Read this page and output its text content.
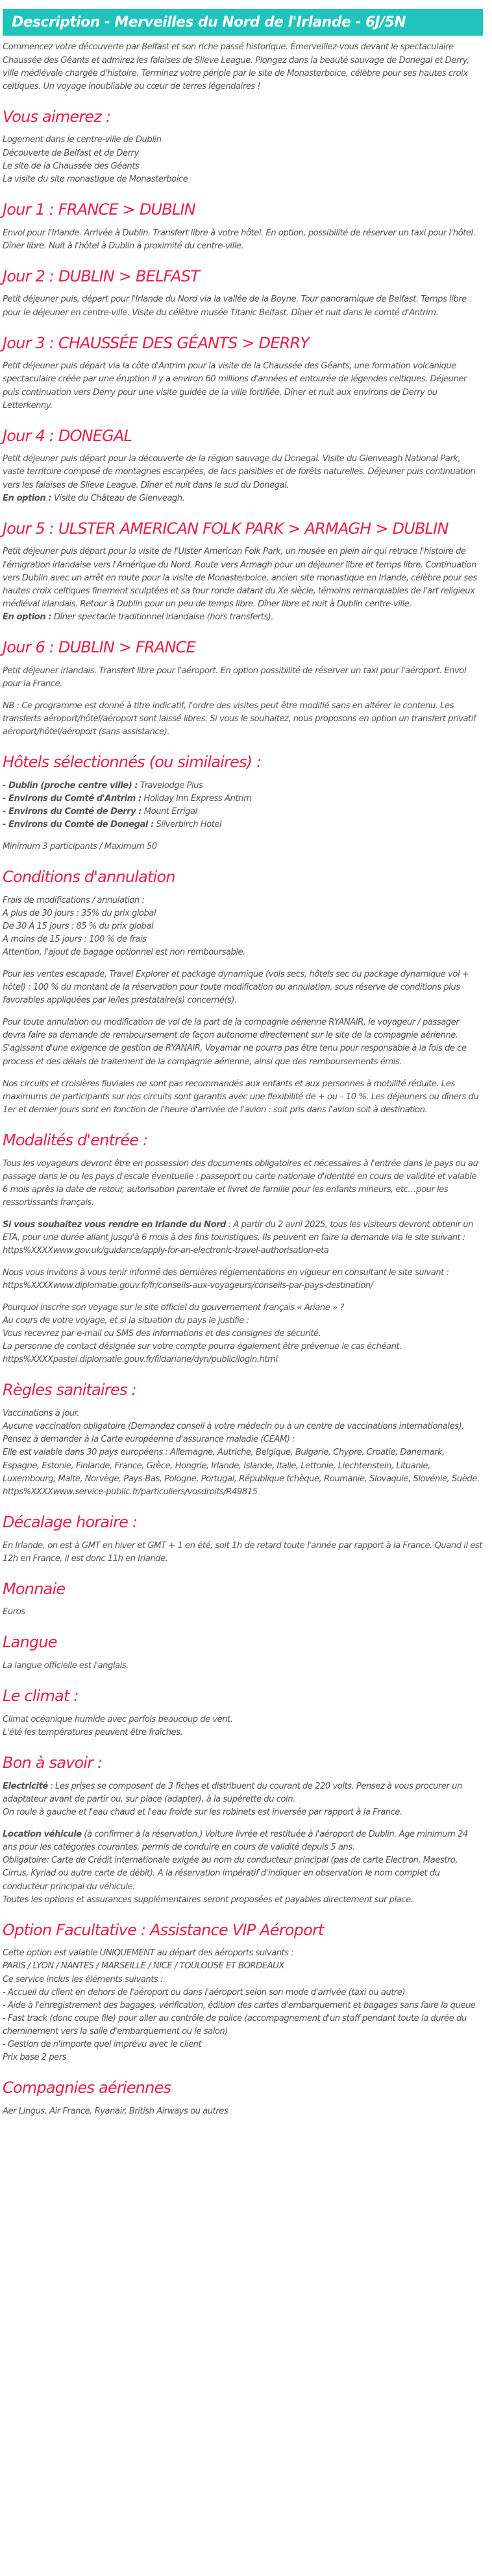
Description - Merveilles du Nord de l'Irlande - 6J/5N

Commencez votre découverte par Belfast et son riche passé historique. Émerveillez-vous devant le spectaculaire Chaussée des Géants et admirez les falaises de Slieve League. Plongez dans la beauté sauvage de Donegal et Derry, ville médiévale chargée d'histoire. Terminez votre périple par le site de Monasterboice, célèbre pour ses hautes croix celtiques. Un voyage inoubliable au cœur de terres légendaires !

Vous aimerez :

Logement dans le centre-ville de Dublin

Découverte de Belfast et de Derry

Le site de la Chaussée des Géants

La visite du site monastique de Monasterboice

Jour 1 : FRANCE > DUBLIN

Envol pour l'Irlande. Arrivée à Dublin. Transfert libre à votre hôtel. En option, possibilité de réserver un taxi pour l'hôtel. Dîner libre. Nuit à l'hôtel à Dublin à proximité du centre-ville.

Jour 2 : DUBLIN > BELFAST

Petit déjeuner puis, départ pour l'Irlande du Nord via la vallée de la Boyne. Tour panoramique de Belfast. Temps libre pour le déjeuner en centre-ville. Visite du célèbre musée Titanic Belfast. Dîner et nuit dans le comté d'Antrim.

Jour 3 : CHAUSSÉE DES GÉANTS > DERRY

Petit déjeuner puis départ via la côte d'Antrim pour la visite de la Chaussée des Géants, une formation volcanique spectaculaire créée par une éruption il y a environ 60 millions d'années et entourée de légendes celtiques. Déjeuner puis continuation vers Derry pour une visite guidée de la ville fortifiée. Dîner et nuit aux environs de Derry ou Letterkenny.

Jour 4 : DONEGAL

Petit déjeuner puis départ pour la découverte de la région sauvage du Donegal. Visite du Glenveagh National Park, vaste territoire composé de montagnes escarpées, de lacs paisibles et de forêts naturelles. Déjeuner puis continuation vers les falaises de Slieve League. Dîner et nuit dans le sud du Donegal.

En option : Visite du Château de Glenveagh.

Jour 5 : ULSTER AMERICAN FOLK PARK > ARMAGH > DUBLIN

Petit déjeuner puis départ pour la visite de l'Ulster American Folk Park, un musée en plein air qui retrace l'histoire de l'émigration irlandaise vers l'Amérique du Nord. Route vers Armagh pour un déjeuner libre et temps libre. Continuation vers Dublin avec un arrêt en route pour la visite de Monasterboice, ancien site monastique en Irlande, célèbre pour ses hautes croix celtiques finement sculptées et sa tour ronde datant du Xe siècle, témoins remarquables de l'art religieux médiéval irlandais. Retour à Dublin pour un peu de temps libre. Dîner libre et nuit à Dublin centre-ville.

En option : Dîner spectacle traditionnel irlandaise (hors transferts).

Jour 6 : DUBLIN > FRANCE

Petit déjeuner irlandais. Transfert libre pour l'aéroport. En option possibilité de réserver un taxi pour l'aéroport. Envol pour la France.

NB : Ce programme est donné à titre indicatif, l'ordre des visites peut être modifié sans en altérer le contenu. Les transferts aéroport/hôtel/aéroport sont laissé libres. Si vous le souhaitez, nous proposons en option un transfert privatif aéroport/hôtel/aéroport (sans assistance).

Hôtels sélectionnés (ou similaires) :

- Dublin (proche centre ville) : Travelodge Plus

- Environs du Comté d'Antrim : Holiday Inn Express Antrim

- Environs du Comté de Derry : Mount Errigal

- Environs du Comté de Donegal : Silverbirch Hotel

Minimum 3 participants / Maximum 50

Conditions d'annulation

Frais de modifications / annulation :

A plus de 30 jours : 35% du prix global

De 30 À 15 jours : 85 % du prix global

A moins de 15 jours : 100 % de frais

Attention, l'ajout de bagage optionnel est non remboursable.

Pour les ventes escapade, Travel Explorer et package dynamique (vols secs, hôtels sec ou package dynamique vol + hôtel) : 100 % du montant de la réservation pour toute modification ou annulation, sous réserve de conditions plus favorables appliquées par le/les prestataire(s) concerné(s).

Pour toute annulation ou modification de vol de la part de la compagnie aérienne RYANAIR, le voyageur / passager devra faire sa demande de remboursement de façon autonome directement sur le site de la compagnie aérienne. S'agissant d'une exigence de gestion de RYANAIR, Voyamar ne pourra pas être tenu pour responsable à la fois de ce process et des délais de traitement de la compagnie aérienne, ainsi que des remboursements émis.

Nos circuits et croisières fluviales ne sont pas recommandés aux enfants et aux personnes à mobilité réduite. Les maximums de participants sur nos circuits sont garantis avec une flexibilité de + ou – 10 %. Les déjeuners ou dîners du 1er et dernier jours sont en fonction de l'heure d'arrivée de l'avion : soit pris dans l'avion soit à destination.

Modalités d'entrée :

Tous les voyageurs devront être en possession des documents obligatoires et nécessaires à l'entrée dans le pays ou au passage dans le ou les pays d'escale éventuelle : passeport ou carte nationale d'identité en cours de validité et valable 6 mois après la date de retour, autorisation parentale et livret de famille pour les enfants mineurs, etc…pour les ressortissants français.

Si vous souhaitez vous rendre en Irlande du Nord : A partir du 2 avril 2025, tous les visiteurs devront obtenir un ETA, pour une durée allant jusqu'à 6 mois à des fins touristiques. Ils peuvent en faire la demande via le site suivant : https%XXXXwww.gov.uk/guidance/apply-for-an-electronic-travel-authorisation-eta

Nous vous invitons à vous tenir informé des dernières réglementations en vigueur en consultant le site suivant : https%XXXXwww.diplomatie.gouv.fr/fr/conseils-aux-voyageurs/conseils-par-pays-destination/

Pourquoi inscrire son voyage sur le site officiel du gouvernement français « Ariane » ?

Au cours de votre voyage, et si la situation du pays le justifie :

Vous recevrez par e-mail ou SMS des informations et des consignes de sécurité.

La personne de contact désignée sur votre compte pourra également être prévenue le cas échéant.

https%XXXXpastel.diplomatie.gouv.fr/fildariane/dyn/public/login.html

Règles sanitaires :

Vaccinations à jour.

Aucune vaccination obligatoire (Demandez conseil à votre médecin ou à un centre de vaccinations internationales).

Pensez à demander à la Carte européenne d'assurance maladie (CEAM) :

Elle est valable dans 30 pays européens : Allemagne, Autriche, Belgique, Bulgarie, Chypre, Croatie, Danemark, Espagne, Estonie, Finlande, France, Grèce, Hongrie, Irlande, Islande, Italie, Lettonie, Liechtenstein, Lituanie, Luxembourg, Malte, Norvège, Pays-Bas, Pologne, Portugal, République tchèque, Roumanie, Slovaquie, Slovénie, Suède.

https%XXXXwww.service-public.fr/particuliers/vosdroits/R49815

Décalage horaire :

En Irlande, on est à GMT en hiver et GMT + 1 en été, soit 1h de retard toute l'année par rapport à la France. Quand il est 12h en France, il est donc 11h en Irlande.

Monnaie

Euros

Langue

La langue officielle est l'anglais.

Le climat :

Climat océanique humide avec parfois beaucoup de vent.

L'été les températures peuvent être fraîches.

Bon à savoir :

Electricité : Les prises se composent de 3 fiches et distribuent du courant de 220 volts. Pensez à vous procurer un adaptateur avant de partir ou, sur place (adapter), à la supérette du coin.

On roule à gauche et l'eau chaud et l'eau froide sur les robinets est inversée par rapport à la France.

Location véhicule (à confirmer à la réservation.) Voiture livrée et restituée à l'aéroport de Dublin. Age minimum 24 ans pour les catégories courantes, permis de conduire en cours de validité depuis 5 ans.

Obligatoire: Carte de Crédit internationale exigée au nom du conducteur principal (pas de carte Electron, Maestro, Cirrus, Kyriad ou autre carte de débit). A la réservation impératif d'indiquer en observation le nom complet du conducteur principal du véhicule.

Toutes les options et assurances supplémentaires seront proposées et payables directement sur place.

Option Facultative : Assistance VIP Aéroport

Cette option est valable UNIQUEMENT au départ des aéroports suivants :

PARIS / LYON / NANTES / MARSEILLE / NICE / TOULOUSE ET BORDEAUX

Ce service inclus les éléments suivants :

- Accueil du client en dehors de l'aéroport ou dans l'aéroport selon son mode d'arrivée (taxi ou autre)

- Aide à l'enregistrement des bagages, vérification, édition des cartes d'embarquement et bagages sans faire la queue

- Fast track (donc coupe file) pour aller au contrôle de police (accompagnement d'un staff pendant toute la durée du cheminement vers la salle d'embarquement ou le salon)

- Gestion de n'importe quel imprévu avec le client

Prix base 2 pers

Compagnies aériennes

Aer Lingus, Air France, Ryanair, British Airways ou autres
